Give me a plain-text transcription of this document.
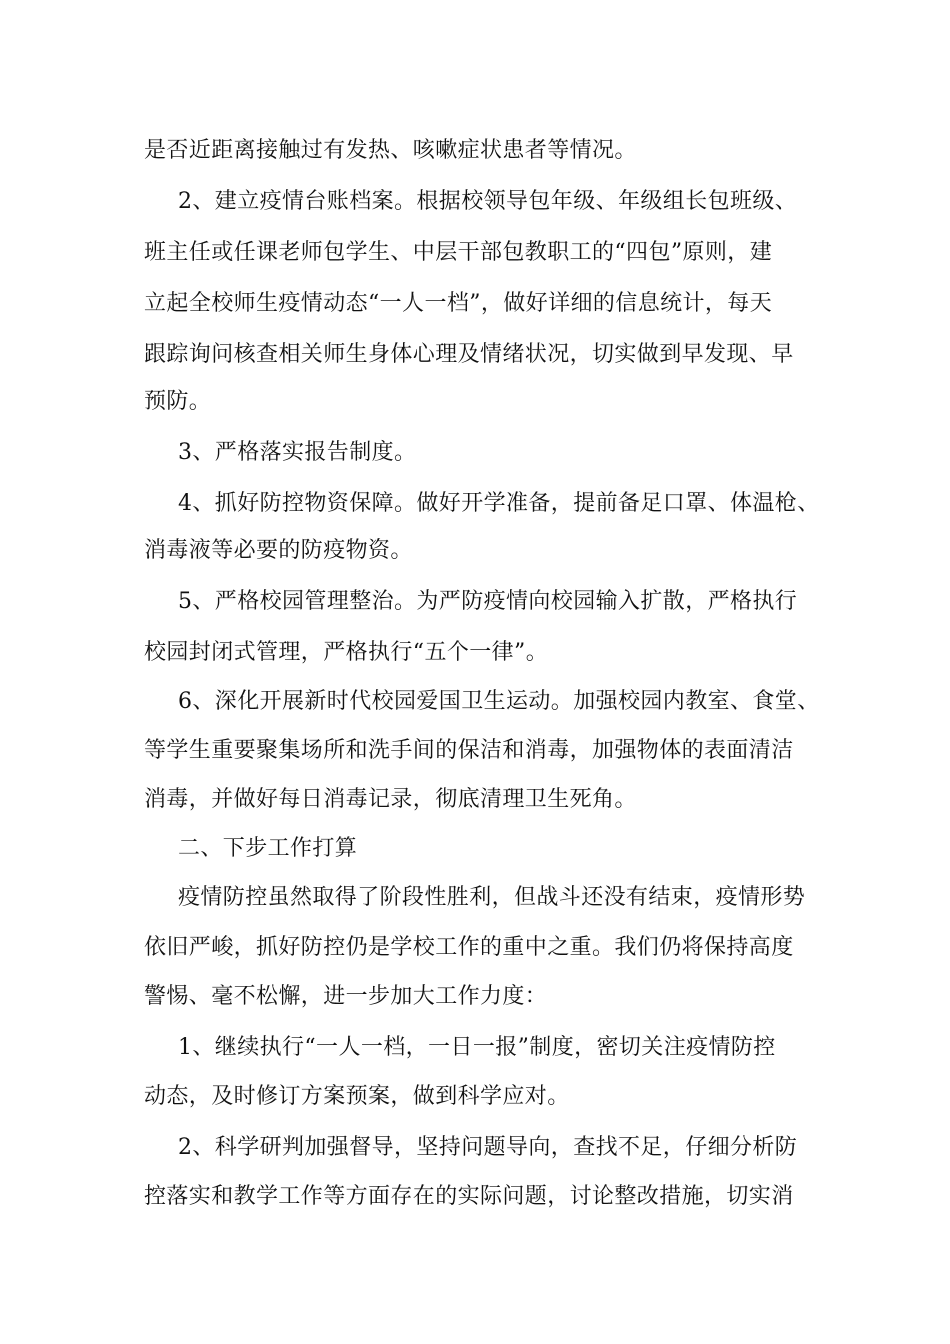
是否近距离接触过有发热、咳嗽症状患者等情况。
2、建立疫情台账档案。根据校领导包年级、年级组长包班级、
班主任或任课老师包学生、中层干部包教职工的“四包”原则，建
立起全校师生疫情动态“一人一档”，做好详细的信息统计，每天
跟踪询问核查相关师生身体心理及情绪状况，切实做到早发现、早
预防。
3、严格落实报告制度。
4、抓好防控物资保障。做好开学准备，提前备足口罩、体温枪、
消毒液等必要的防疫物资。
5、严格校园管理整治。为严防疫情向校园输入扩散，严格执行
校园封闭式管理，严格执行“五个一律”。
6、深化开展新时代校园爱国卫生运动。加强校园内教室、食堂、
等学生重要聚集场所和洗手间的保洁和消毒，加强物体的表面清洁
消毒，并做好每日消毒记录，彻底清理卫生死角。
二、下步工作打算
疫情防控虽然取得了阶段性胜利，但战斗还没有结束，疫情形势
依旧严峻，抓好防控仍是学校工作的重中之重。我们仍将保持高度
警惕、毫不松懈，进一步加大工作力度：
1、继续执行“一人一档，一日一报”制度，密切关注疫情防控
动态，及时修订方案预案，做到科学应对。
2、科学研判加强督导，坚持问题导向，查找不足，仔细分析防
控落实和教学工作等方面存在的实际问题，讨论整改措施，切实消
